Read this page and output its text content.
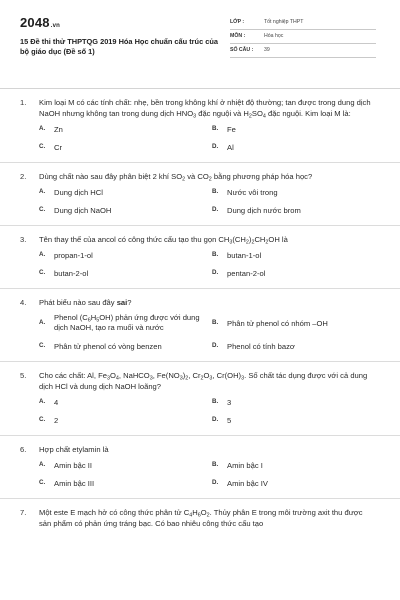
2048.vn
15 Đề thi thử THPTQG 2019 Hóa Học chuẩn cấu trúc của bộ giáo dục (Đề số 1)
LỚP :	Tốt nghiệp THPT
MÔN :	Hóa học
SỐ CÂU :	39
1.	Kim loại M có các tính chất: nhẹ, bền trong không khí ở nhiệt độ thường; tan được trong dung dịch NaOH nhưng không tan trong dung dịch $HNO_3$ đặc nguội và $H_2SO_4$ đặc nguội. Kim loại M là:
A.	Zn	B.	Fe
C.	Cr	D.	Al
2.	Dùng chất nào sau đây phân biệt 2 khí $SO_2$ và $CO_2$ bằng phương pháp hóa học?
A.	Dung dịch HCl	B.	Nước vôi trong
C.	Dung dịch NaOH	D.	Dung dịch nước brom
3.	Tên thay thế của ancol có công thức cấu tạo thu gọn $CH_3(CH_2)_2CH_2OH$ là
A.	propan-1-ol	B.	butan-1-ol
C.	butan-2-ol	D.	pentan-2-ol
4.	Phát biểu nào sau đây sai?
A.
Phenol $(C_6H_5OH)$ phản ứng được với dung dịch NaOH, tạo ra muối và nước
B.	Phân tử phenol có nhóm –OH
C.	Phân tử phenol có vòng benzen	D.	Phenol có tính bazơ
5.	Cho các chất: Al, $Fe_3O_4$, NaHCO$_3$, $Fe(NO_3)_2$, $Cr_2O_3$, $Cr(OH)_3$. Số chất tác dụng được với cả dung dịch HCl và dung dịch NaOH loãng?
A.	4	B.	3
C.	2	D.	5
6.	Hợp chất etylamin là
A.	Amin bậc II	B.	Amin bậc I
C.	Amin bậc III	D.	Amin bậc IV
7.	Một este E mạch hở có công thức phân tử $C_4H_6O_2$. Thủy phân E trong môi trường axit thu được sản phẩm có phản ứng tráng bạc. Có bao nhiêu công thức cấu tạo
